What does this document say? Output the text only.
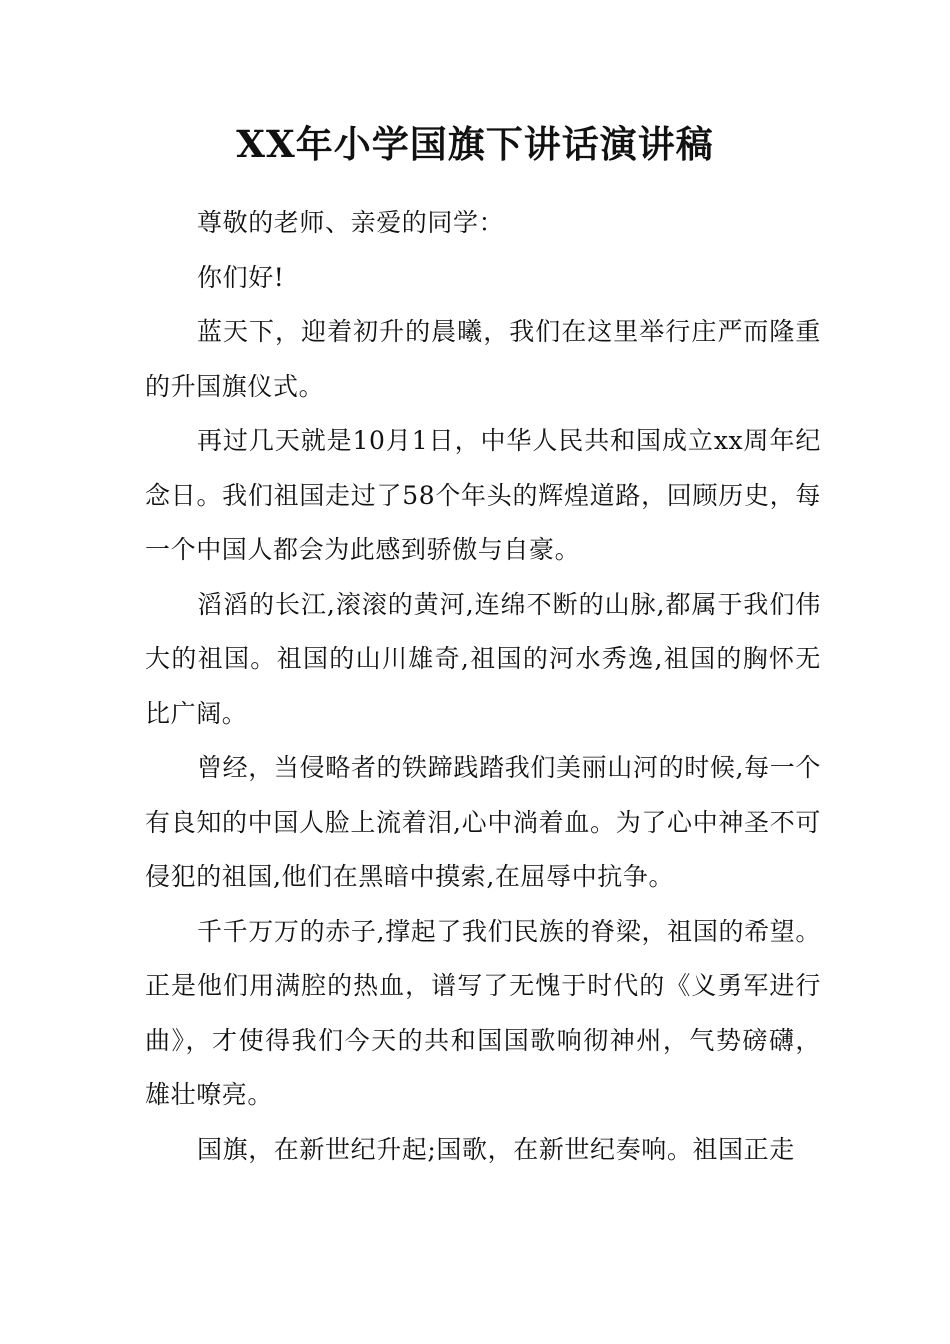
XX年小学国旗下讲话演讲稿

尊敬的老师、亲爱的同学：

你们好!

蓝天下，迎着初升的晨曦，我们在这里举行庄严而隆重的升国旗仪式。

再过几天就是10月1日，中华人民共和国成立xx周年纪念日。我们祖国走过了58个年头的辉煌道路，回顾历史，每一个中国人都会为此感到骄傲与自豪。

滔滔的长江,滚滚的黄河,连绵不断的山脉,都属于我们伟大的祖国。祖国的山川雄奇,祖国的河水秀逸,祖国的胸怀无比广阔。

曾经，当侵略者的铁蹄践踏我们美丽山河的时候,每一个有良知的中国人脸上流着泪,心中淌着血。为了心中神圣不可侵犯的祖国,他们在黑暗中摸索,在屈辱中抗争。

千千万万的赤子,撑起了我们民族的脊梁，祖国的希望。正是他们用满腔的热血，谱写了无愧于时代的《义勇军进行曲》，才使得我们今天的共和国国歌响彻神州，气势磅礴，雄壮嘹亮。

国旗，在新世纪升起;国歌，在新世纪奏响。祖国正走
